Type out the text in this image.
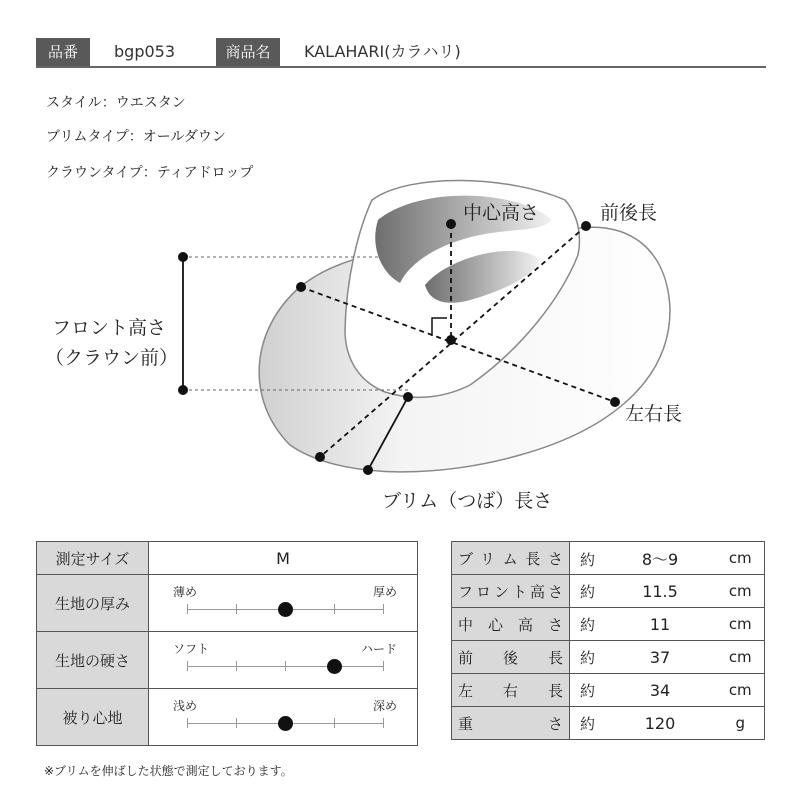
品番	bgp053	商品名	KALAHARI(カラハリ)
スタイル：ウエスタン
ブリムタイプ：オールダウン
クラウンタイプ：ティアドロップ
中心高さ	前後長
フロント高さ
（クラウン前）
左右長
ブリム（つば）長さ
測定サイズ	M
生地の厚み	薄め 厚め

生地の硬さ	ソフト ハード

被り心地	浅め 深め
ブリム長さ	約 8〜9	cm

フロント高さ	約 11.5	cm

中心高さ	約 11	cm

前後長	約 37	cm

左右長	約 34	cm

重さ	約 120	g
※ブリムを伸ばした状態で測定しております。
